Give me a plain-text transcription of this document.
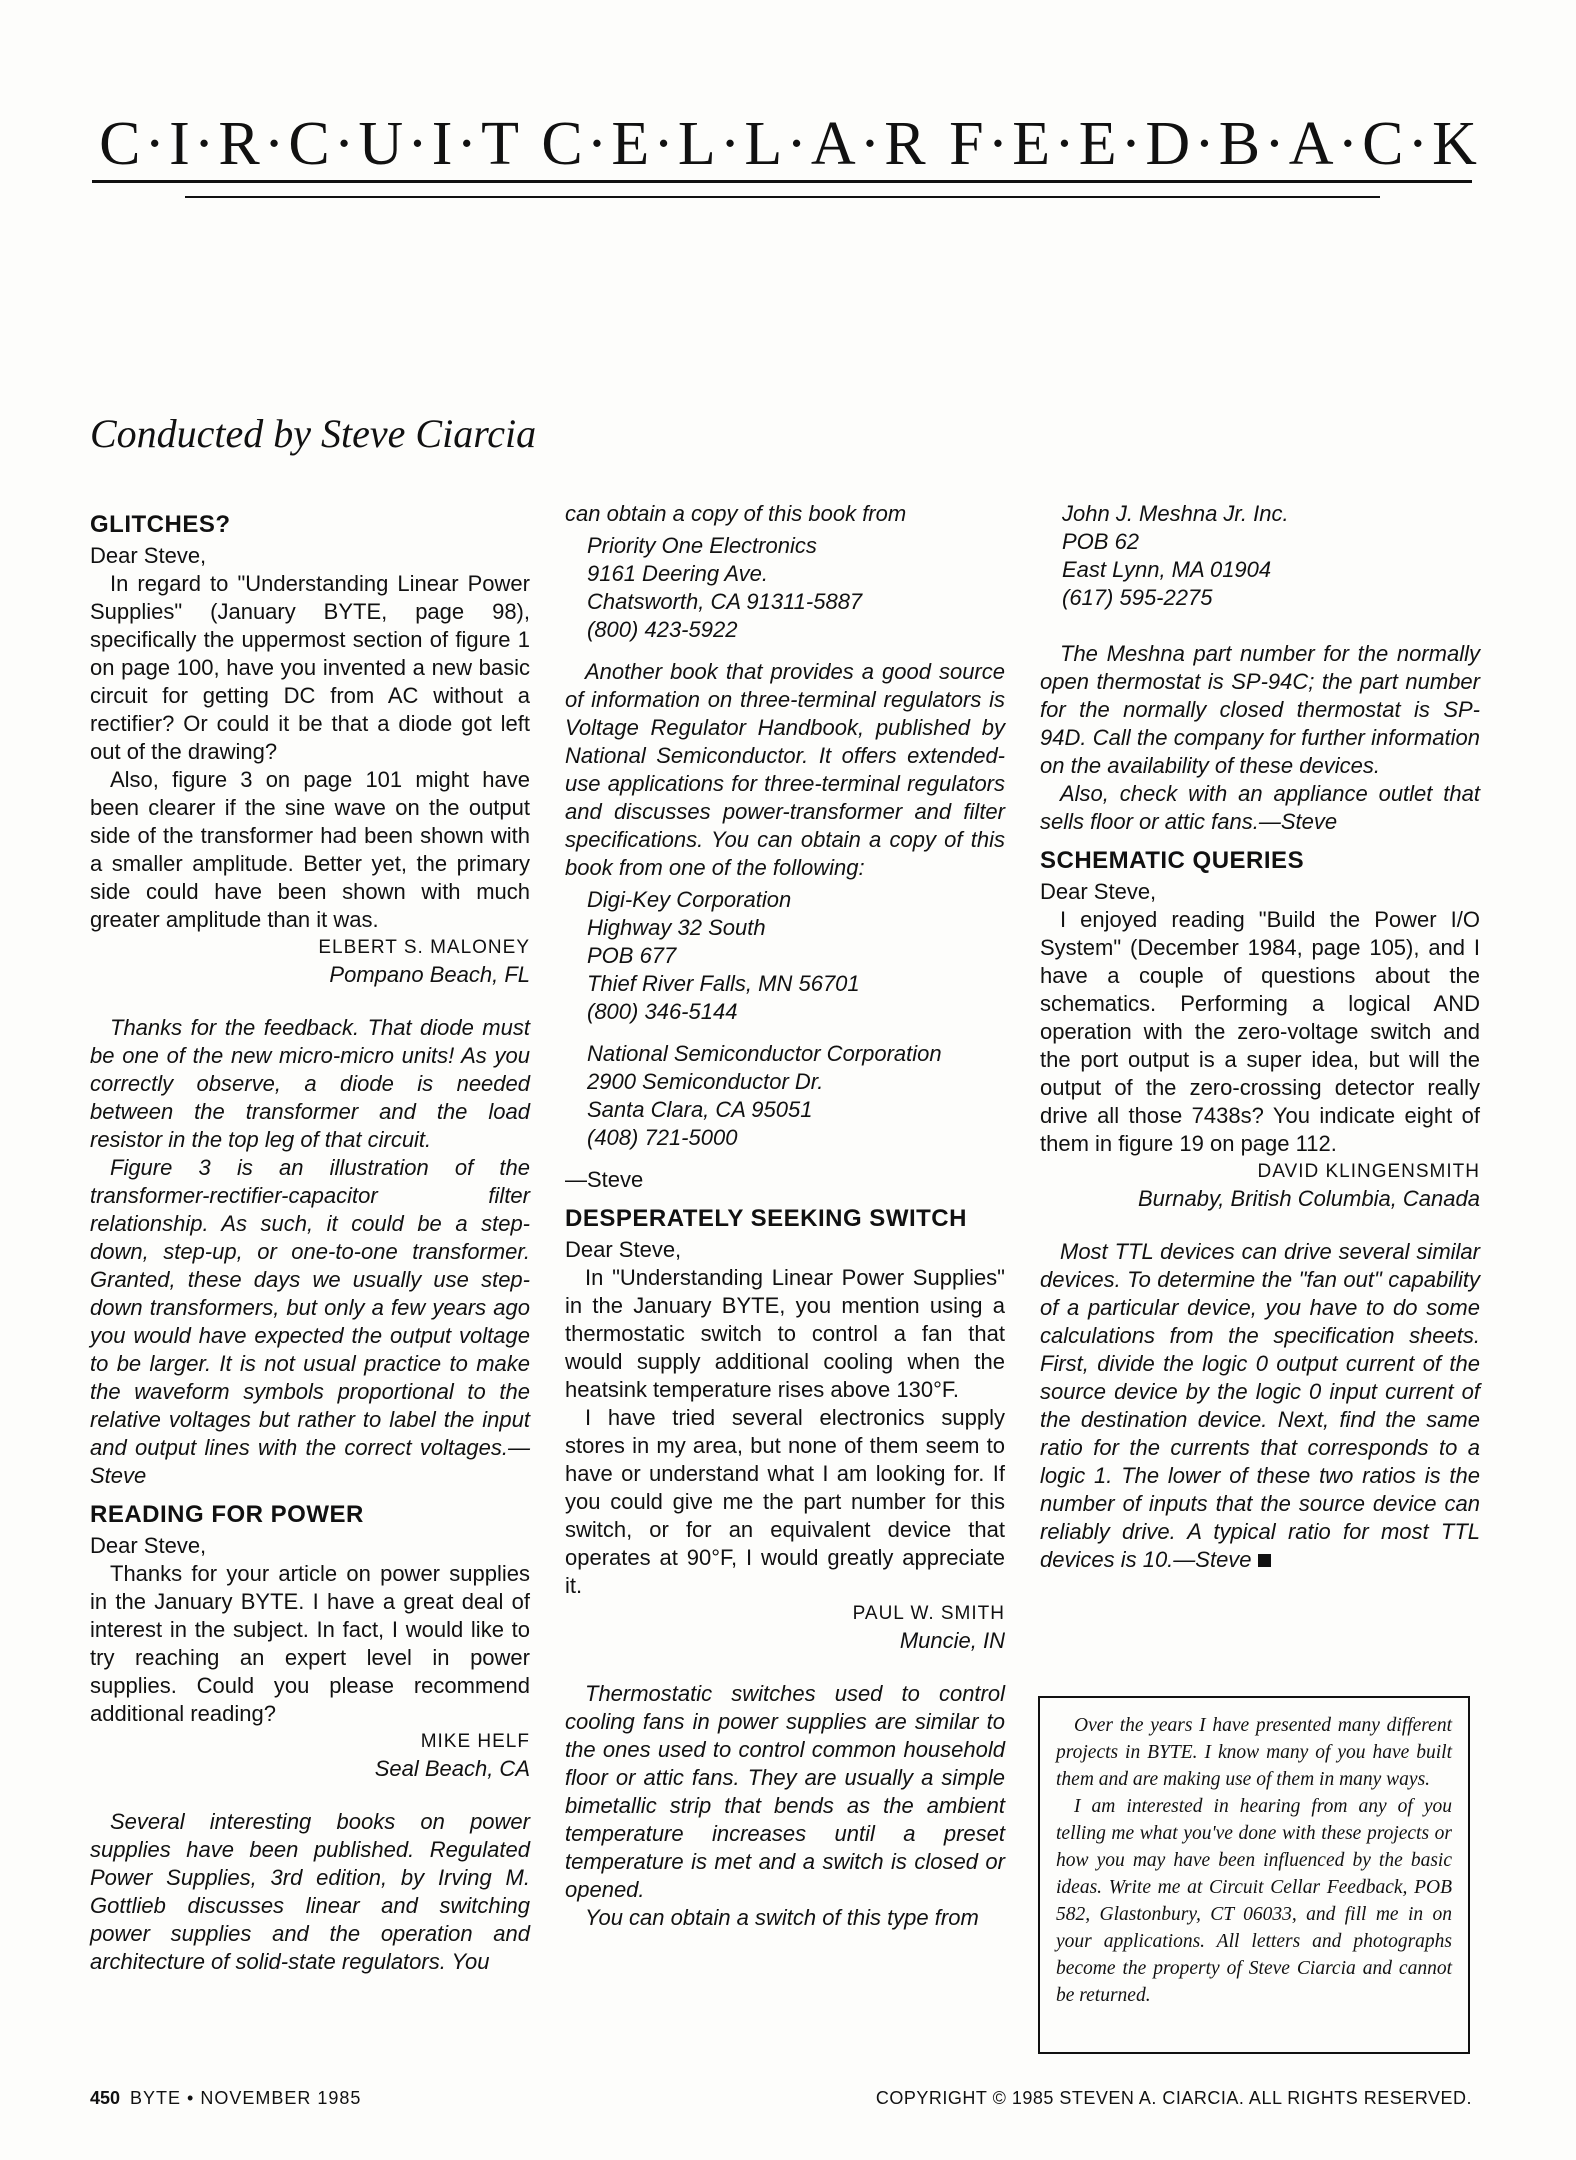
C·I·R·C·U·I·T C·E·L·L·A·R F·E·E·D·B·A·C·K
Conducted by Steve Ciarcia
GLITCHES?

Dear Steve,

In regard to "Understanding Linear Power Supplies" (January BYTE, page 98), specifically the uppermost section of figure 1 on page 100, have you invented a new basic circuit for getting DC from AC without a rectifier? Or could it be that a diode got left out of the drawing?

Also, figure 3 on page 101 might have been clearer if the sine wave on the output side of the transformer had been shown with a smaller amplitude. Better yet, the primary side could have been shown with much greater amplitude than it was.

ELBERT S. MALONEY
Pompano Beach, FL

Thanks for the feedback. That diode must be one of the new micro-micro units! As you correctly observe, a diode is needed between the transformer and the load resistor in the top leg of that circuit.

Figure 3 is an illustration of the transformer-rectifier-capacitor filter relationship. As such, it could be a step-down, step-up, or one-to-one transformer. Granted, these days we usually use step-down transformers, but only a few years ago you would have expected the output voltage to be larger. It is not usual practice to make the waveform symbols proportional to the relative voltages but rather to label the input and output lines with the correct voltages.—Steve

READING FOR POWER

Dear Steve,

Thanks for your article on power supplies in the January BYTE. I have a great deal of interest in the subject. In fact, I would like to try reaching an expert level in power supplies. Could you please recommend additional reading?

MIKE HELF
Seal Beach, CA

Several interesting books on power supplies have been published. Regulated Power Supplies, 3rd edition, by Irving M. Gottlieb discusses linear and switching power supplies and the operation and architecture of solid-state regulators. You

can obtain a copy of this book from

Priority One Electronics
9161 Deering Ave.
Chatsworth, CA 91311-5887
(800) 423-5922

Another book that provides a good source of information on three-terminal regulators is Voltage Regulator Handbook, published by National Semiconductor. It offers extended-use applications for three-terminal regulators and discusses power-transformer and filter specifications. You can obtain a copy of this book from one of the following:

Digi-Key Corporation
Highway 32 South
POB 677
Thief River Falls, MN 56701
(800) 346-5144
National Semiconductor Corporation
2900 Semiconductor Dr.
Santa Clara, CA 95051
(408) 721-5000

—Steve

DESPERATELY SEEKING SWITCH

Dear Steve,

In "Understanding Linear Power Supplies" in the January BYTE, you mention using a thermostatic switch to control a fan that would supply additional cooling when the heatsink temperature rises above 130°F.

I have tried several electronics supply stores in my area, but none of them seem to have or understand what I am looking for. If you could give me the part number for this switch, or for an equivalent device that operates at 90°F, I would greatly appreciate it.

PAUL W. SMITH
Muncie, IN

Thermostatic switches used to control cooling fans in power supplies are similar to the ones used to control common household floor or attic fans. They are usually a simple bimetallic strip that bends as the ambient temperature increases until a preset temperature is met and a switch is closed or opened.

You can obtain a switch of this type from

John J. Meshna Jr. Inc.
POB 62
East Lynn, MA 01904
(617) 595-2275

The Meshna part number for the normally open thermostat is SP-94C; the part number for the normally closed thermostat is SP-94D. Call the company for further information on the availability of these devices.

Also, check with an appliance outlet that sells floor or attic fans.—Steve

SCHEMATIC QUERIES

Dear Steve,

I enjoyed reading "Build the Power I/O System" (December 1984, page 105), and I have a couple of questions about the schematics. Performing a logical AND operation with the zero-voltage switch and the port output is a super idea, but will the output of the zero-crossing detector really drive all those 7438s? You indicate eight of them in figure 19 on page 112.

DAVID KLINGENSMITH
Burnaby, British Columbia, Canada

Most TTL devices can drive several similar devices. To determine the "fan out" capability of a particular device, you have to do some calculations from the specification sheets. First, divide the logic 0 output current of the source device by the logic 0 input current of the destination device. Next, find the same ratio for the currents that corresponds to a logic 1. The lower of these two ratios is the number of inputs that the source device can reliably drive. A typical ratio for most TTL devices is 10.—Steve

Over the years I have presented many different projects in BYTE. I know many of you have built them and are making use of them in many ways.

I am interested in hearing from any of you telling me what you've done with these projects or how you may have been influenced by the basic ideas. Write me at Circuit Cellar Feedback, POB 582, Glastonbury, CT 06033, and fill me in on your applications. All letters and photographs become the property of Steve Ciarcia and cannot be returned.

450 BYTE • NOVEMBER 1985	COPYRIGHT © 1985 STEVEN A. CIARCIA. ALL RIGHTS RESERVED.
